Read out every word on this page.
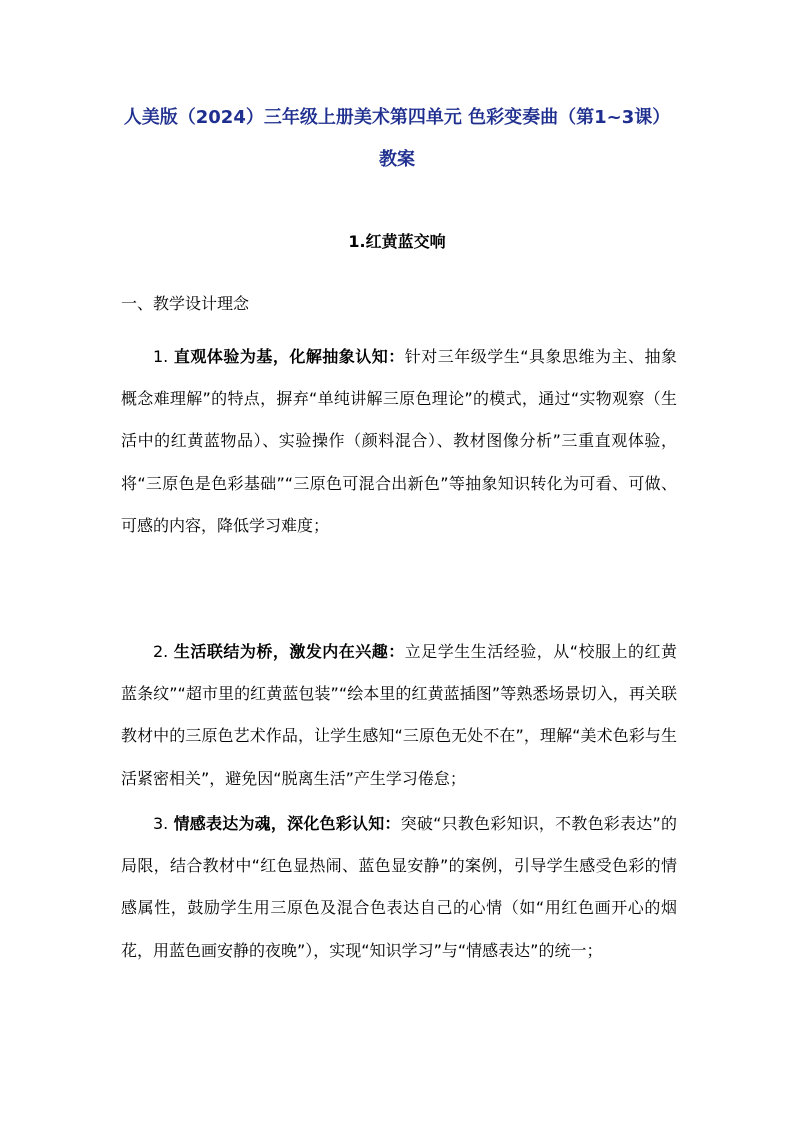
人美版（2024）三年级上册美术第四单元 色彩变奏曲（第1~3课）
教案
1.红黄蓝交响
一、教学设计理念

1. 直观体验为基，化解抽象认知：针对三年级学生“具象思维为主、抽象概念难理解”的特点，摒弃“单纯讲解三原色理论”的模式，通过“实物观察（生活中的红黄蓝物品）、实验操作（颜料混合）、教材图像分析”三重直观体验，将“三原色是色彩基础”“三原色可混合出新色”等抽象知识转化为可看、可做、可感的内容，降低学习难度；

2. 生活联结为桥，激发内在兴趣：立足学生生活经验，从“校服上的红黄蓝条纹”“超市里的红黄蓝包装”“绘本里的红黄蓝插图”等熟悉场景切入，再关联教材中的三原色艺术作品，让学生感知“三原色无处不在”，理解“美术色彩与生活紧密相关”，避免因“脱离生活”产生学习倦怠；

3. 情感表达为魂，深化色彩认知：突破“只教色彩知识，不教色彩表达”的局限，结合教材中“红色显热闹、蓝色显安静”的案例，引导学生感受色彩的情感属性，鼓励学生用三原色及混合色表达自己的心情（如“用红色画开心的烟花，用蓝色画安静的夜晚”），实现“知识学习”与“情感表达”的统一；
